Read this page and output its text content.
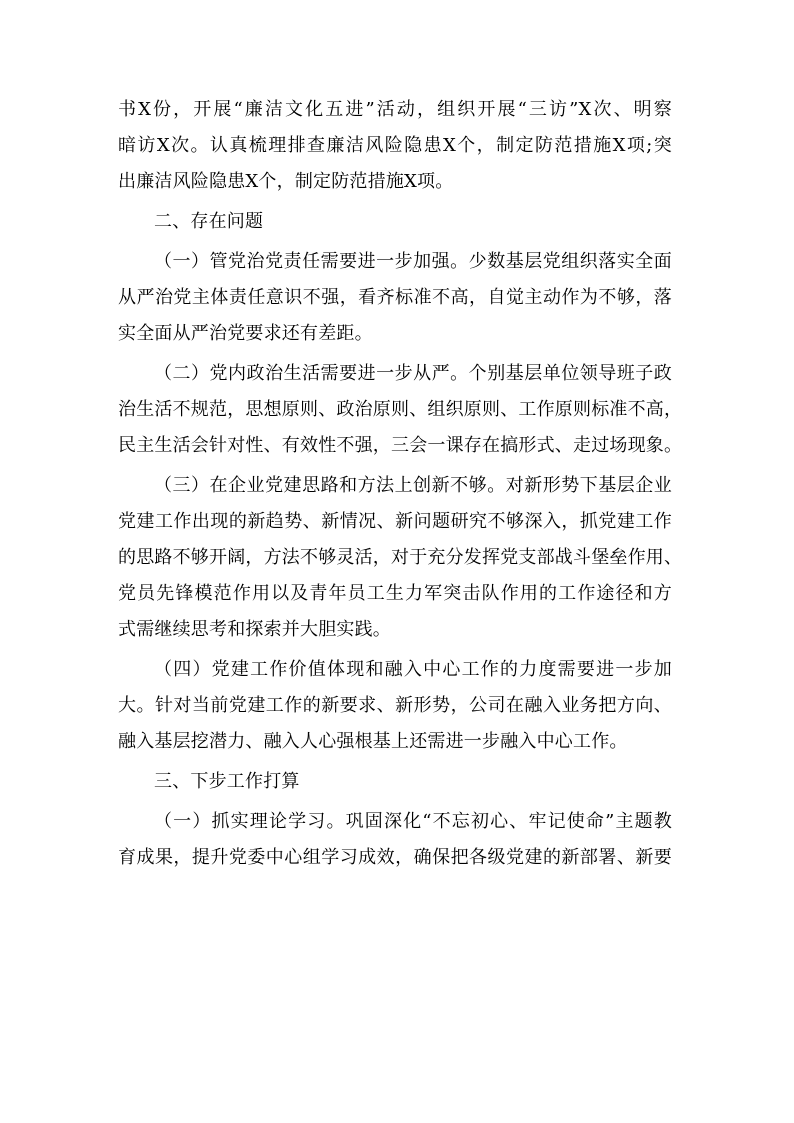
书X份，开展“廉洁文化五进”活动，组织开展“三访”X次、明察
暗访X次。认真梳理排查廉洁风险隐患X个，制定防范措施X项;突
出廉洁风险隐患X个，制定防范措施X项。
二、存在问题
（一）管党治党责任需要进一步加强。少数基层党组织落实全面
从严治党主体责任意识不强，看齐标准不高，自觉主动作为不够，落
实全面从严治党要求还有差距。
（二）党内政治生活需要进一步从严。个别基层单位领导班子政
治生活不规范，思想原则、政治原则、组织原则、工作原则标准不高，
民主生活会针对性、有效性不强，三会一课存在搞形式、走过场现象。
（三）在企业党建思路和方法上创新不够。对新形势下基层企业
党建工作出现的新趋势、新情况、新问题研究不够深入，抓党建工作
的思路不够开阔，方法不够灵活，对于充分发挥党支部战斗堡垒作用、
党员先锋模范作用以及青年员工生力军突击队作用的工作途径和方
式需继续思考和探索并大胆实践。
（四）党建工作价值体现和融入中心工作的力度需要进一步加
大。针对当前党建工作的新要求、新形势，公司在融入业务把方向、
融入基层挖潜力、融入人心强根基上还需进一步融入中心工作。
三、下步工作打算
（一）抓实理论学习。巩固深化“不忘初心、牢记使命”主题教
育成果，提升党委中心组学习成效，确保把各级党建的新部署、新要
